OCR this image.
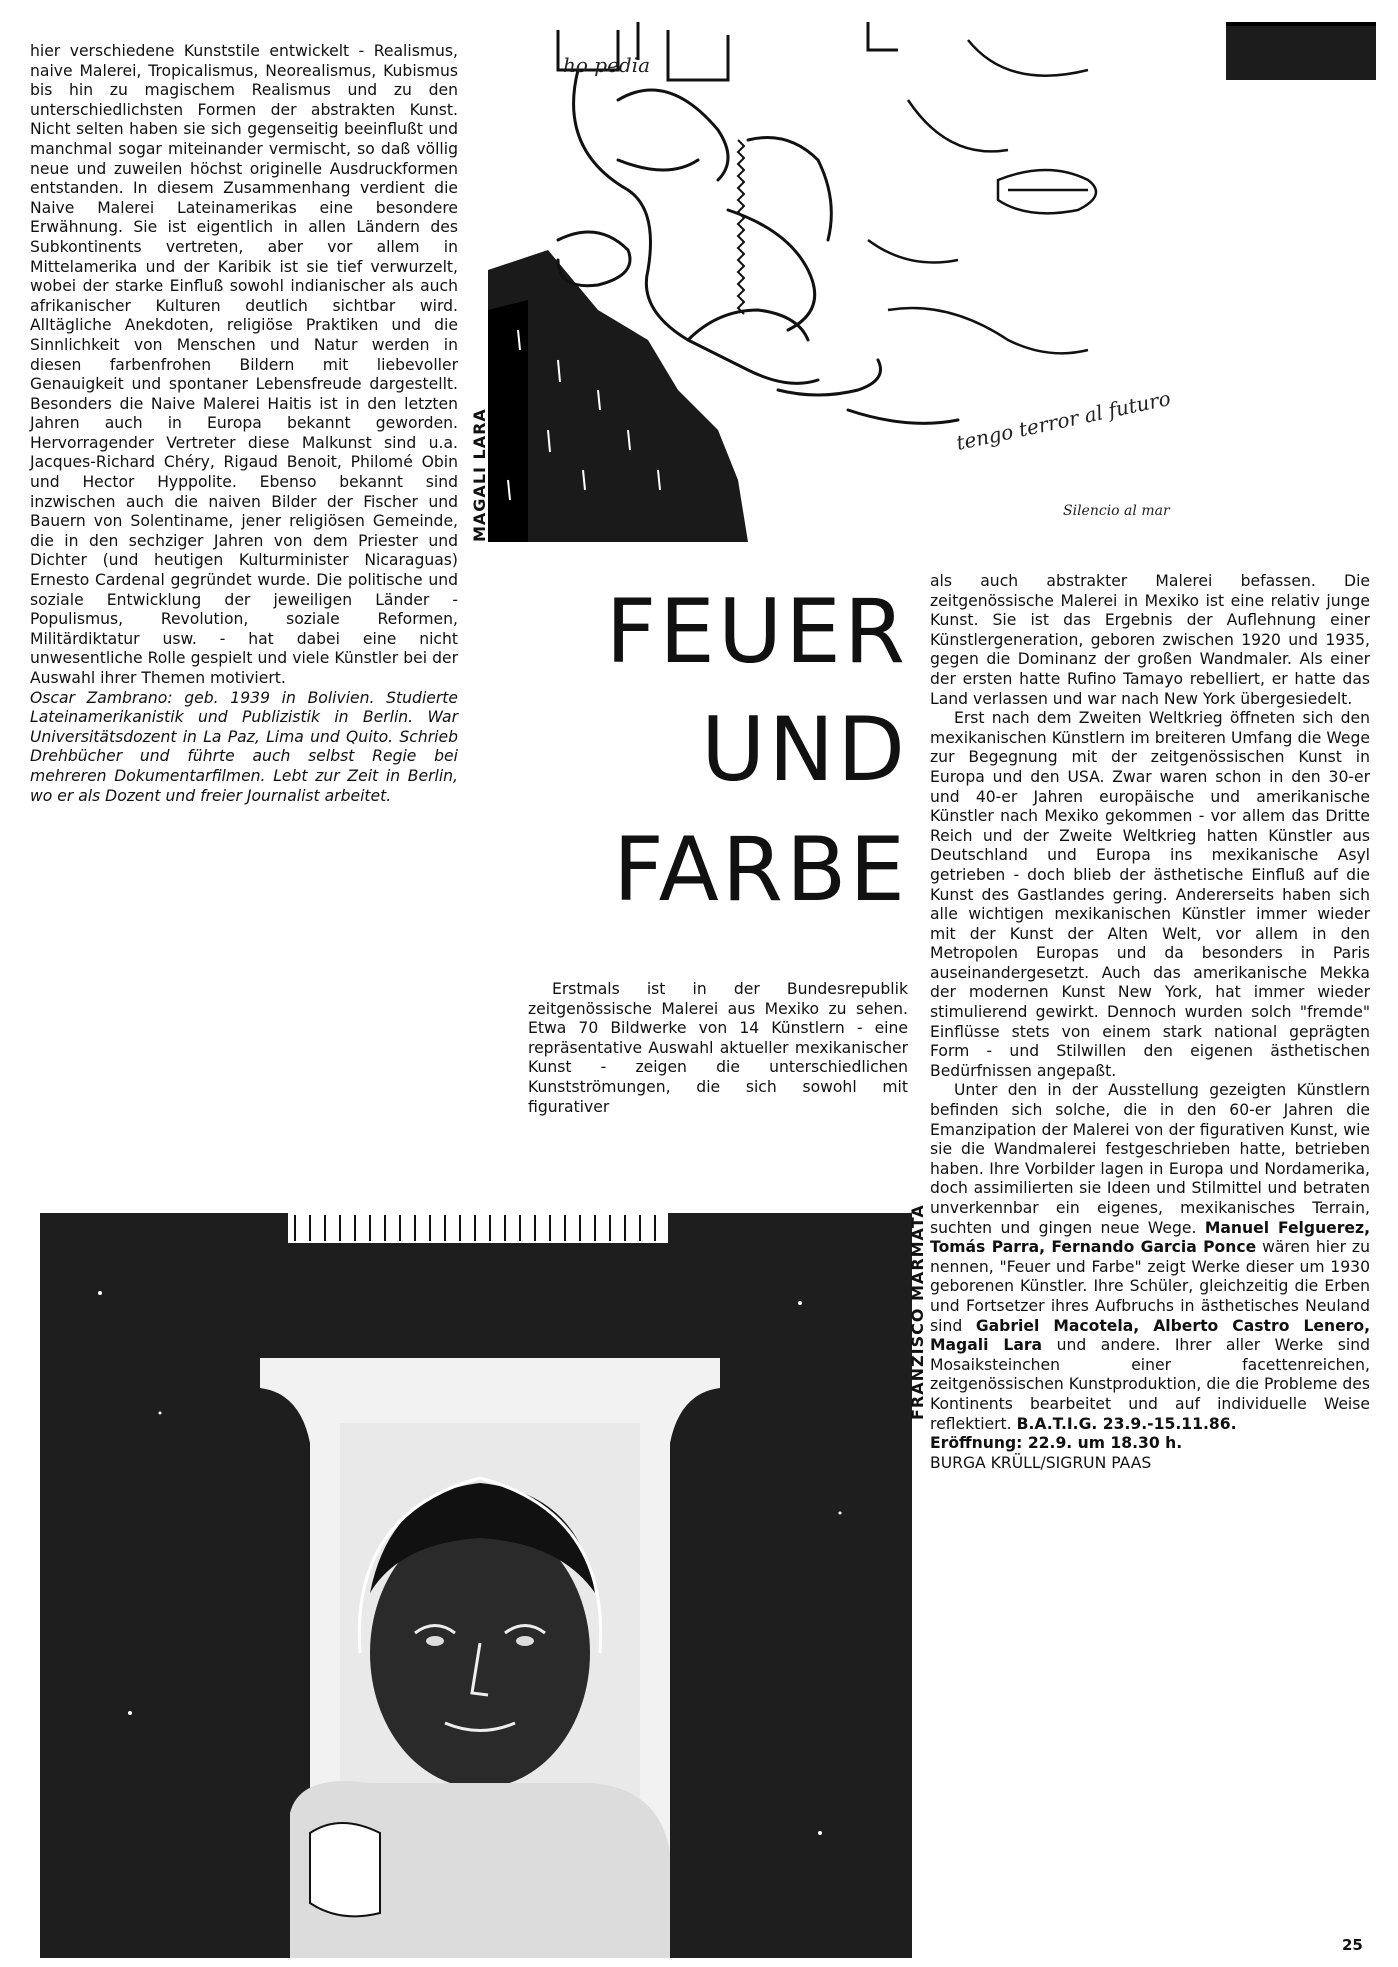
ho pedia
tengo terror al futuro
Silencio al mar
MAGALI LARA
FRANZISCO MARMATA
FEUER
UND
FARBE

hier verschiedene Kunststile entwickelt - Realismus, naive Malerei, Tropicalismus, Neorealismus, Kubismus bis hin zu magischem Realismus und zu den unterschiedlichsten Formen der abstrakten Kunst. Nicht selten haben sie sich gegenseitig beeinflußt und manchmal sogar miteinander vermischt, so daß völlig neue und zuweilen höchst originelle Ausdruckformen entstanden. In diesem Zusammenhang verdient die Naive Malerei Lateinamerikas eine besondere Erwähnung. Sie ist eigentlich in allen Ländern des Subkontinents vertreten, aber vor allem in Mittelamerika und der Karibik ist sie tief verwurzelt, wobei der starke Einfluß sowohl indianischer als auch afrikanischer Kulturen deutlich sichtbar wird. Alltägliche Anekdoten, religiöse Praktiken und die Sinnlichkeit von Menschen und Natur werden in diesen farbenfrohen Bildern mit liebevoller Genauigkeit und spontaner Lebensfreude dargestellt. Besonders die Naive Malerei Haitis ist in den letzten Jahren auch in Europa bekannt geworden. Hervorragender Vertreter diese Malkunst sind u.a. Jacques-Richard Chéry, Rigaud Benoit, Philomé Obin und Hector Hyppolite. Ebenso bekannt sind inzwischen auch die naiven Bilder der Fischer und Bauern von Solentiname, jener religiösen Gemeinde, die in den sechziger Jahren von dem Priester und Dichter (und heutigen Kulturminister Nicaraguas) Ernesto Cardenal gegründet wurde. Die politische und soziale Entwicklung der jeweiligen Länder - Populismus, Revolution, soziale Reformen, Militärdiktatur usw. - hat dabei eine nicht unwesentliche Rolle gespielt und viele Künstler bei der Auswahl ihrer Themen motiviert.

Oscar Zambrano: geb. 1939 in Bolivien. Studierte Lateinamerikanistik und Publizistik in Berlin. War Universitätsdozent in La Paz, Lima und Quito. Schrieb Drehbücher und führte auch selbst Regie bei mehreren Dokumentarfilmen. Lebt zur Zeit in Berlin, wo er als Dozent und freier Journalist arbeitet.

Erstmals ist in der Bundesrepublik zeitgenössische Malerei aus Mexiko zu sehen. Etwa 70 Bildwerke von 14 Künstlern - eine repräsentative Auswahl aktueller mexikanischer Kunst - zeigen die unterschiedlichen Kunstströmungen, die sich sowohl mit figurativer

als auch abstrakter Malerei befassen. Die zeitgenössische Malerei in Mexiko ist eine relativ junge Kunst. Sie ist das Ergebnis der Auflehnung einer Künstlergeneration, geboren zwischen 1920 und 1935, gegen die Dominanz der großen Wandmaler. Als einer der ersten hatte Rufino Tamayo rebelliert, er hatte das Land verlassen und war nach New York übergesiedelt.

Erst nach dem Zweiten Weltkrieg öffneten sich den mexikanischen Künstlern im breiteren Umfang die Wege zur Begegnung mit der zeitgenössischen Kunst in Europa und den USA. Zwar waren schon in den 30-er und 40-er Jahren europäische und amerikanische Künstler nach Mexiko gekommen - vor allem das Dritte Reich und der Zweite Weltkrieg hatten Künstler aus Deutschland und Europa ins mexikanische Asyl getrieben - doch blieb der ästhetische Einfluß auf die Kunst des Gastlandes gering. Andererseits haben sich alle wichtigen mexikanischen Künstler immer wieder mit der Kunst der Alten Welt, vor allem in den Metropolen Europas und da besonders in Paris auseinandergesetzt. Auch das amerikanische Mekka der modernen Kunst New York, hat immer wieder stimulierend gewirkt. Dennoch wurden solch "fremde" Einflüsse stets von einem stark national geprägten Form - und Stilwillen den eigenen ästhetischen Bedürfnissen angepaßt.

Unter den in der Ausstellung gezeigten Künstlern befinden sich solche, die in den 60-er Jahren die Emanzipation der Malerei von der figurativen Kunst, wie sie die Wandmalerei festgeschrieben hatte, betrieben haben. Ihre Vorbilder lagen in Europa und Nordamerika, doch assimilierten sie Ideen und Stilmittel und betraten unverkennbar ein eigenes, mexikanisches Terrain, suchten und gingen neue Wege. Manuel Felguerez, Tomás Parra, Fernando Garcia Ponce wären hier zu nennen, "Feuer und Farbe" zeigt Werke dieser um 1930 geborenen Künstler. Ihre Schüler, gleichzeitig die Erben und Fortsetzer ihres Aufbruchs in ästhetisches Neuland sind Gabriel Macotela, Alberto Castro Lenero, Magali Lara und andere. Ihrer aller Werke sind Mosaiksteinchen einer facettenreichen, zeitgenössischen Kunstproduktion, die die Probleme des Kontinents bearbeitet und auf individuelle Weise reflektiert. B.A.T.I.G. 23.9.-15.11.86.

Eröffnung: 22.9. um 18.30 h.

BURGA KRÜLL/SIGRUN PAAS

25
